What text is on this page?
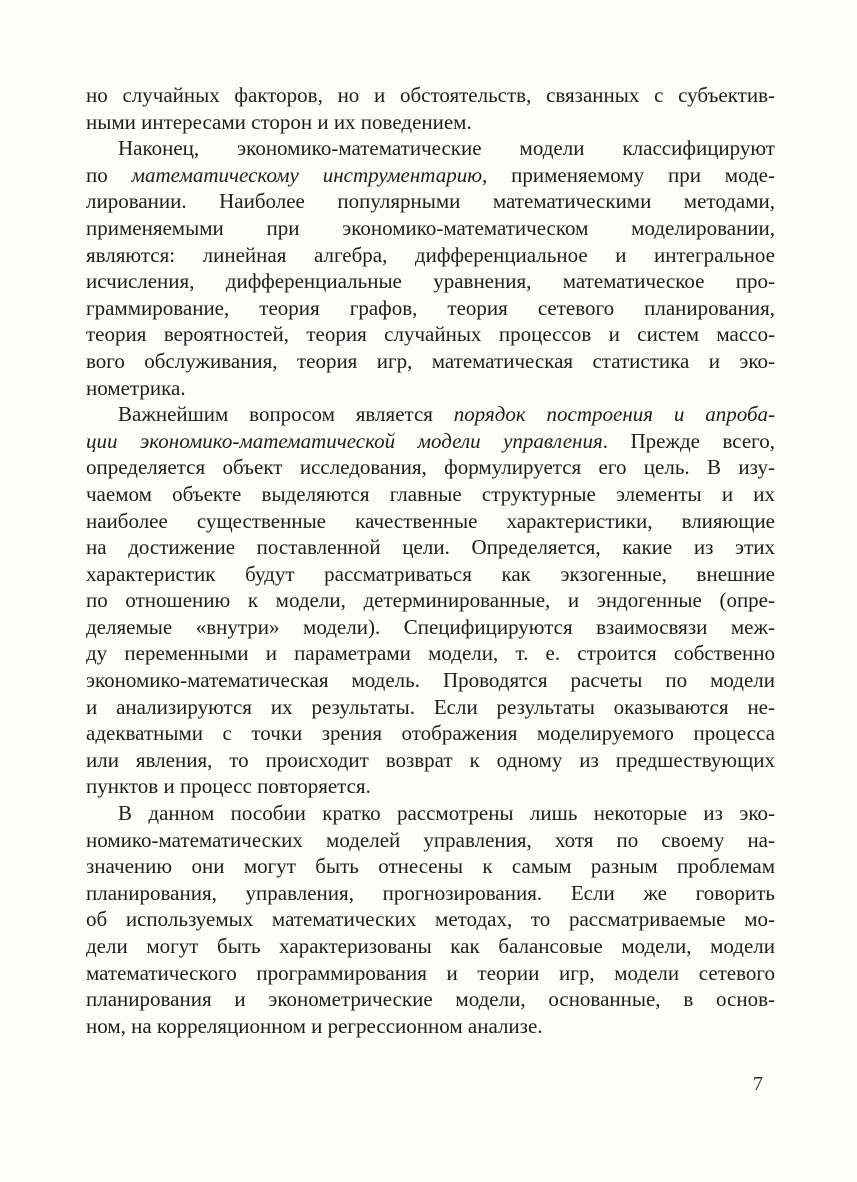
но случайных факторов, но и обстоятельств, связанных с субъектив-
ными интересами сторон и их поведением.
Наконец, экономико-математические модели классифицируют
по математическому инструментарию, применяемому при моде-
лировании. Наиболее популярными математическими методами,
применяемыми при экономико-математическом моделировании,
являются: линейная алгебра, дифференциальное и интегральное
исчисления, дифференциальные уравнения, математическое про-
граммирование, теория графов, теория сетевого планирования,
теория вероятностей, теория случайных процессов и систем массо-
вого обслуживания, теория игр, математическая статистика и эко-
нометрика.
Важнейшим вопросом является порядок построения и апроба-
ции экономико-математической модели управления. Прежде всего,
определяется объект исследования, формулируется его цель. В изу-
чаемом объекте выделяются главные структурные элементы и их
наиболее существенные качественные характеристики, влияющие
на достижение поставленной цели. Определяется, какие из этих
характеристик будут рассматриваться как экзогенные, внешние
по отношению к модели, детерминированные, и эндогенные (опре-
деляемые «внутри» модели). Специфицируются взаимосвязи меж-
ду переменными и параметрами модели, т. е. строится собственно
экономико-математическая модель. Проводятся расчеты по модели
и анализируются их результаты. Если результаты оказываются не-
адекватными с точки зрения отображения моделируемого процесса
или явления, то происходит возврат к одному из предшествующих
пунктов и процесс повторяется.
В данном пособии кратко рассмотрены лишь некоторые из эко-
номико-математических моделей управления, хотя по своему на-
значению они могут быть отнесены к самым разным проблемам
планирования, управления, прогнозирования. Если же говорить
об используемых математических методах, то рассматриваемые мо-
дели могут быть характеризованы как балансовые модели, модели
математического программирования и теории игр, модели сетевого
планирования и эконометрические модели, основанные, в основ-
ном, на корреляционном и регрессионном анализе.
7
